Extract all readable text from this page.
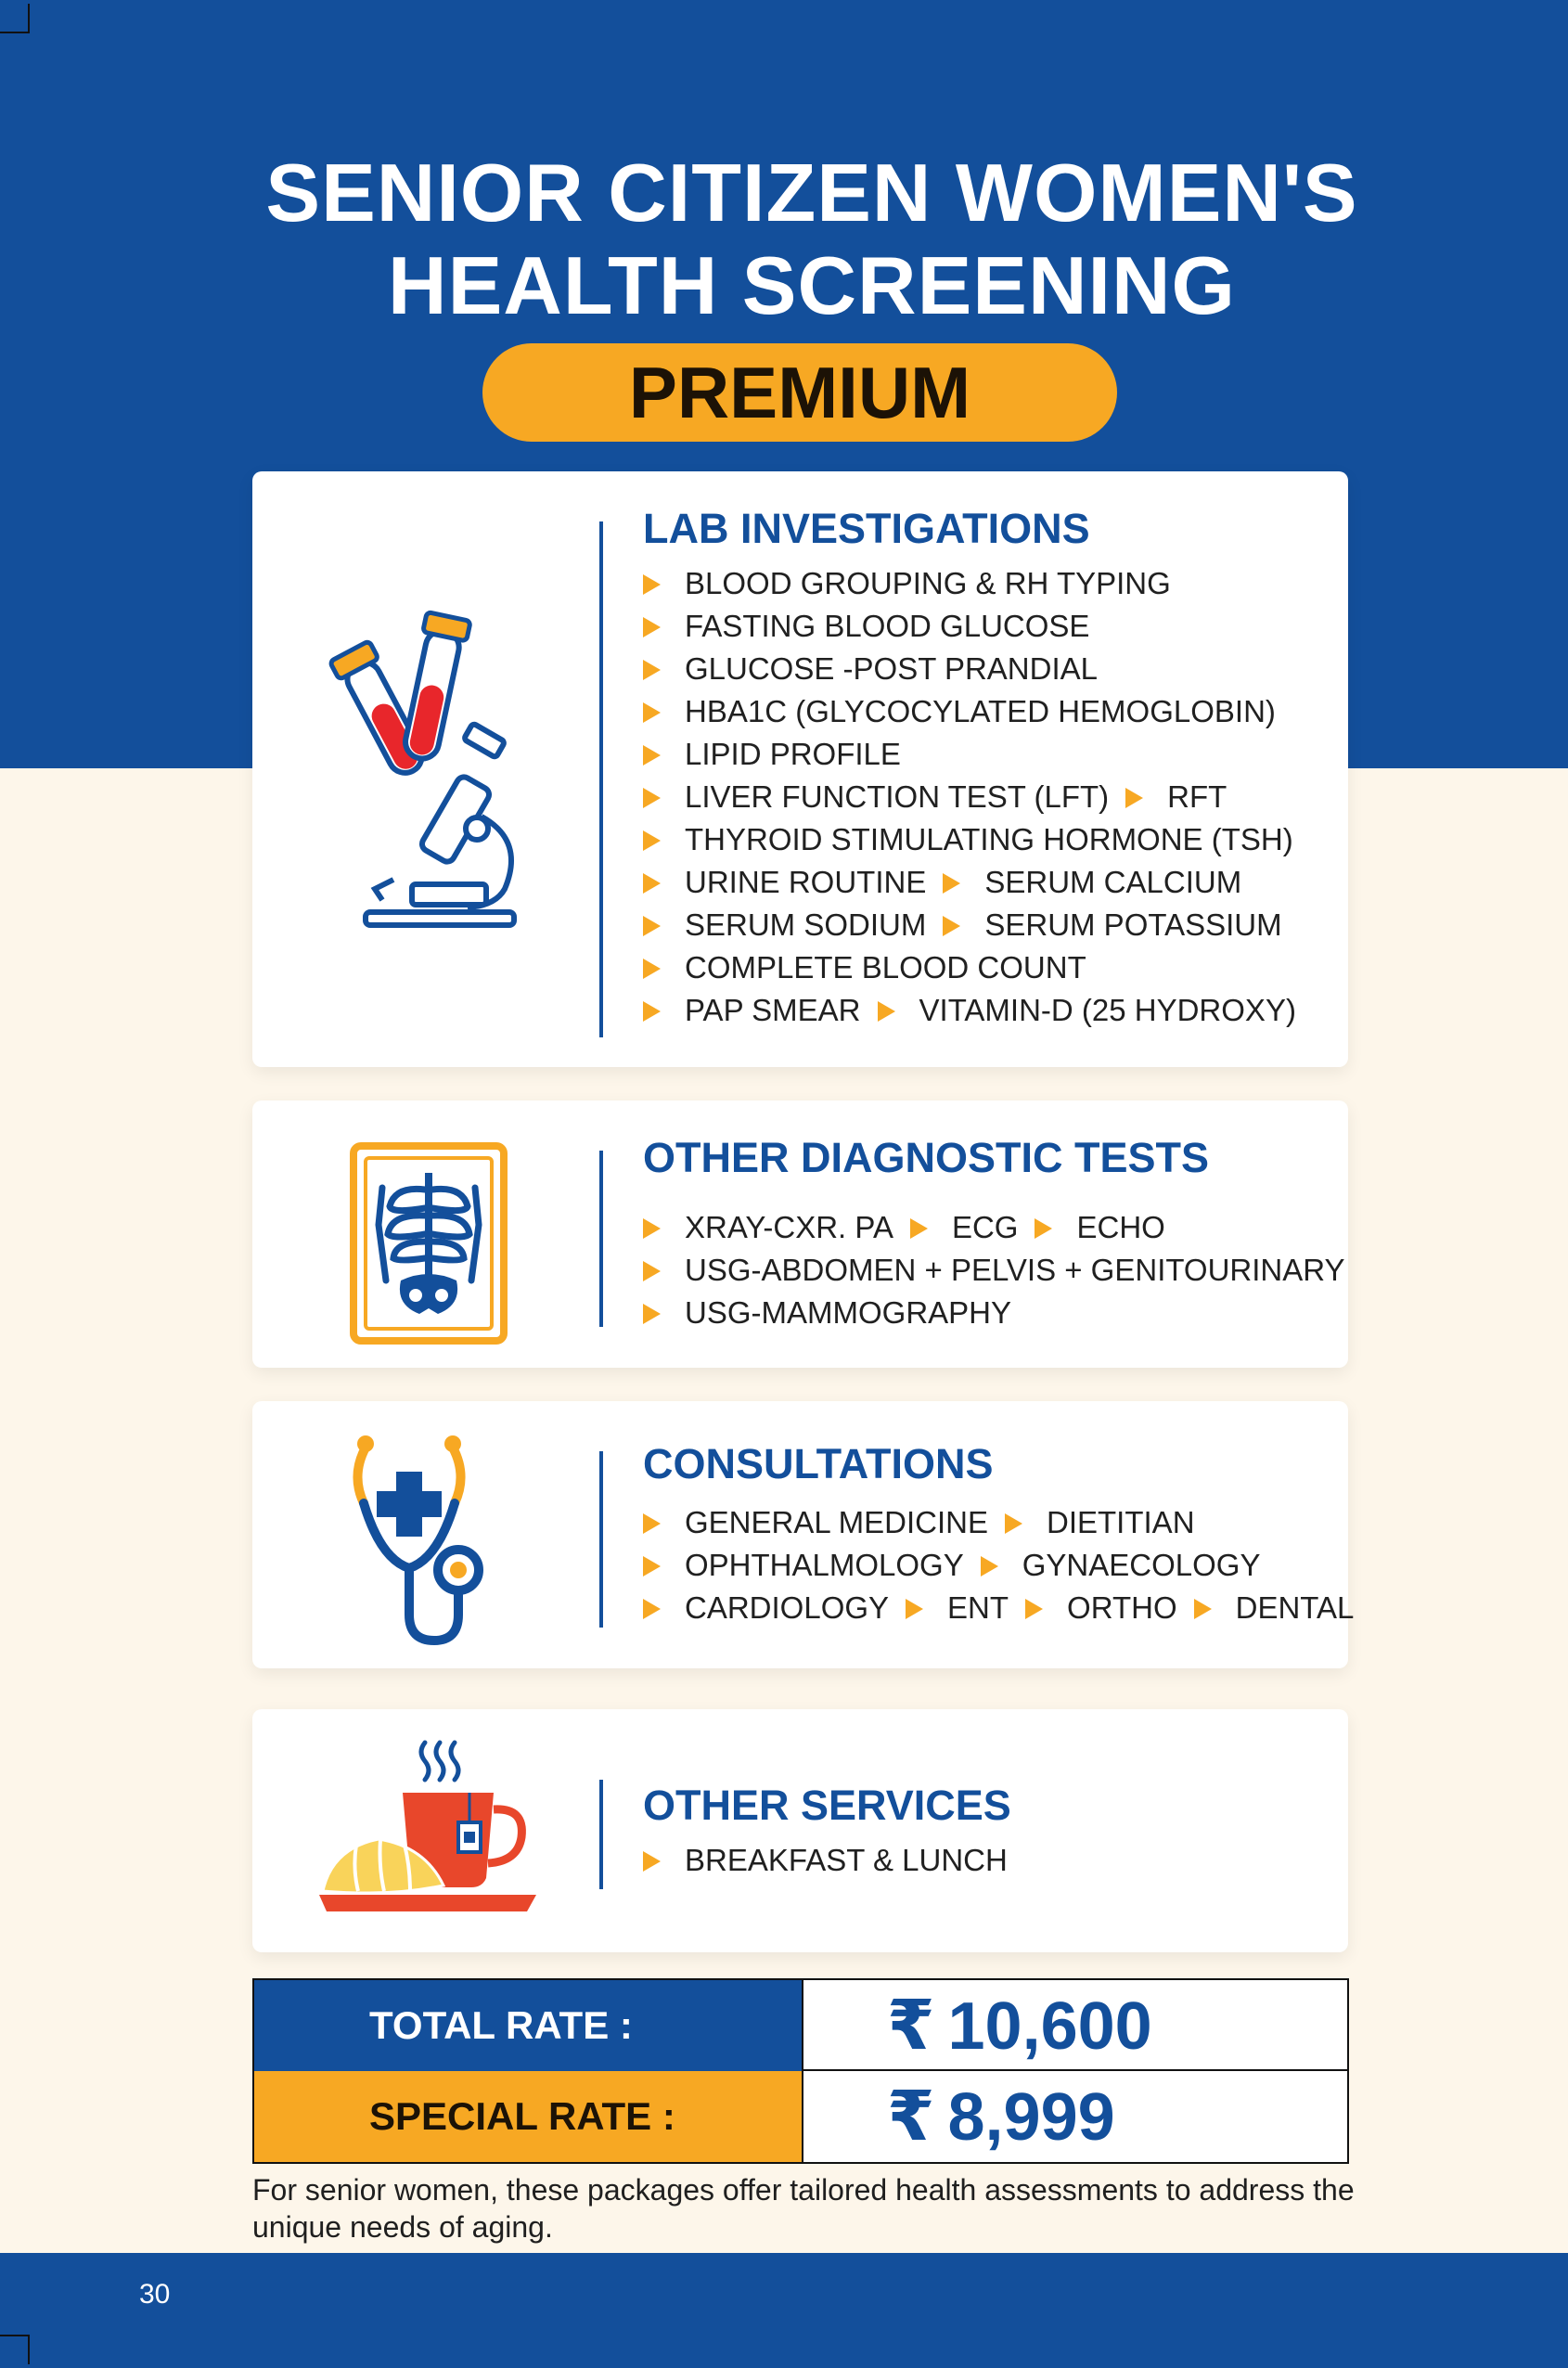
SENIOR CITIZEN WOMEN'S
HEALTH SCREENING
PREMIUM
LAB INVESTIGATIONS
BLOOD GROUPING & RH TYPING
FASTING BLOOD GLUCOSE
GLUCOSE -POST PRANDIAL
HBA1C (GLYCOCYLATED HEMOGLOBIN)
LIPID PROFILE
LIVER FUNCTION TEST (LFT) RFT
THYROID STIMULATING HORMONE (TSH)
URINE ROUTINE SERUM CALCIUM
SERUM SODIUM SERUM POTASSIUM
COMPLETE BLOOD COUNT
PAP SMEAR VITAMIN-D (25 HYDROXY)
OTHER DIAGNOSTIC TESTS
XRAY-CXR. PA ECG ECHO
USG-ABDOMEN + PELVIS + GENITOURINARY
USG-MAMMOGRAPHY
CONSULTATIONS
GENERAL MEDICINE DIETITIAN
OPHTHALMOLOGY GYNAECOLOGY
CARDIOLOGY ENT ORTHO DENTAL
OTHER SERVICES
BREAKFAST & LUNCH
TOTAL RATE :	₹ 10,600
SPECIAL RATE :	₹ 8,999
For senior women, these packages offer tailored health assessments to address the unique needs of aging.
30
